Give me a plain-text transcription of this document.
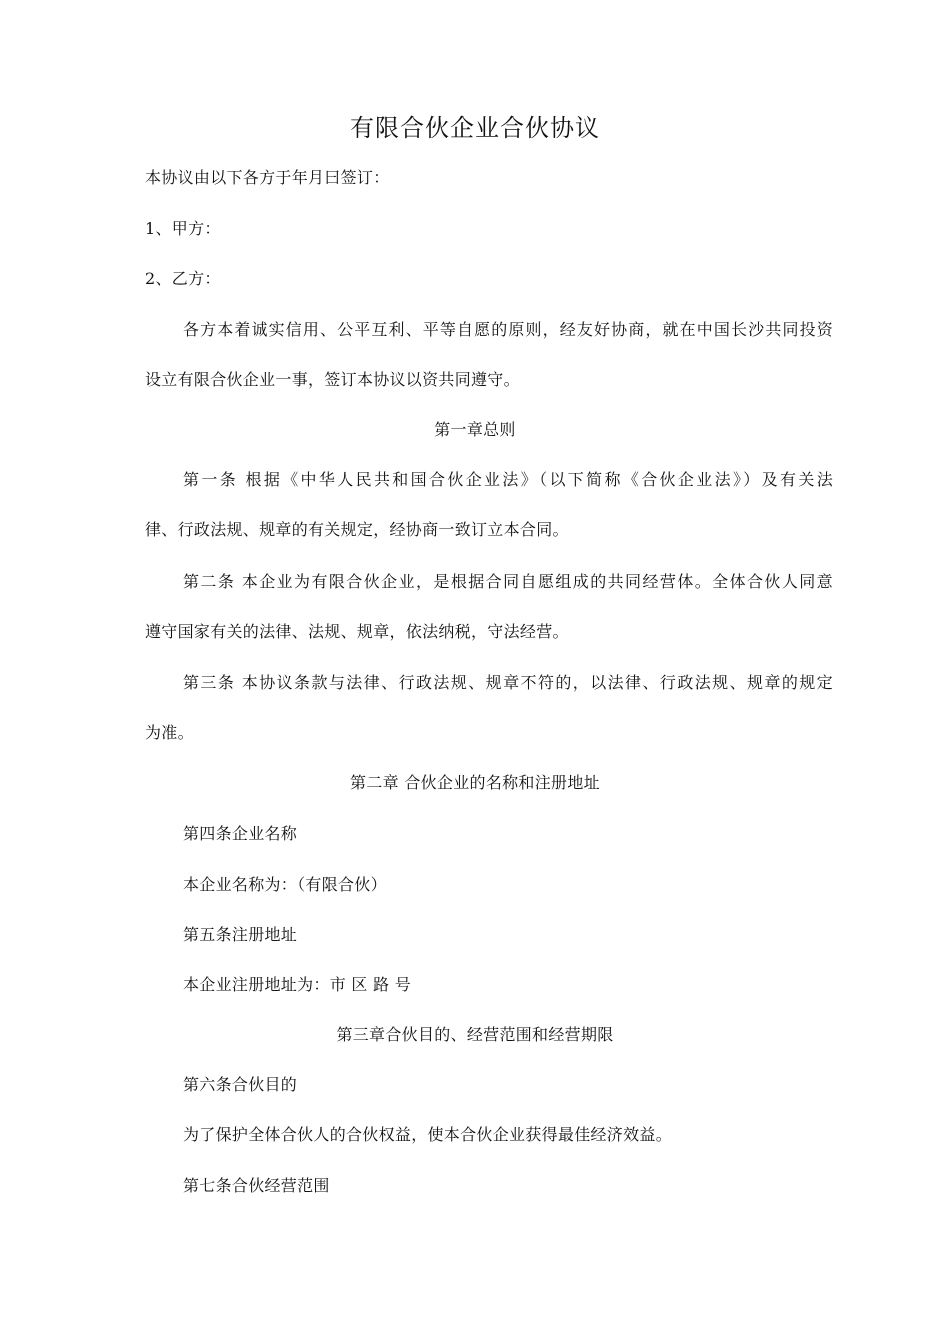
有限合伙企业合伙协议
本协议由以下各方于年月曰签订：
1、甲方：
2、乙方：
各方本着诚实信用、公平互利、平等自愿的原则，经友好协商，就在中国长沙共同投资
设立有限合伙企业一事，签订本协议以资共同遵守。
第一章总则
第一条 根据《中华人民共和国合伙企业法》（以下简称《合伙企业法》）及有关法
律、行政法规、规章的有关规定，经协商一致订立本合同。
第二条 本企业为有限合伙企业，是根据合同自愿组成的共同经营体。全体合伙人同意
遵守国家有关的法律、法规、规章，依法纳税，守法经营。
第三条 本协议条款与法律、行政法规、规章不符的，以法律、行政法规、规章的规定
为准。
第二章 合伙企业的名称和注册地址
第四条企业名称
本企业名称为：（有限合伙）
第五条注册地址
本企业注册地址为：市 区 路 号
第三章合伙目的、经营范围和经营期限
第六条合伙目的
为了保护全体合伙人的合伙权益，使本合伙企业获得最佳经济效益。
第七条合伙经营范围
